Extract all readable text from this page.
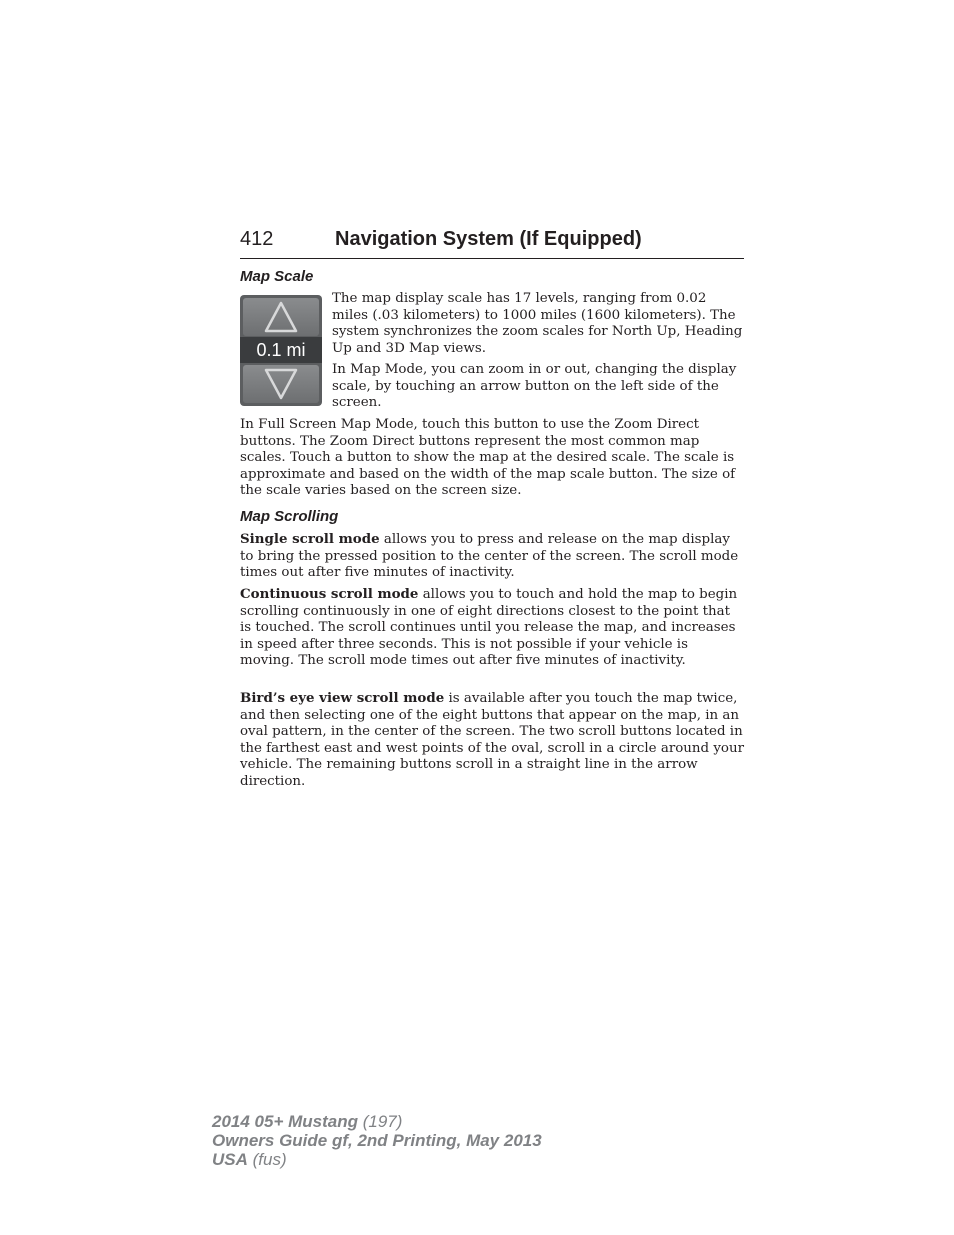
412	Navigation System (If Equipped)
Map Scale
0.1 mi

The map display scale has 17 levels, ranging from 0.02 miles (.03 kilometers) to 1000 miles (1600 kilometers). The system synchronizes the zoom scales for North Up, Heading Up and 3D Map views.

In Map Mode, you can zoom in or out, changing the display scale, by touching an arrow button on the left side of the screen.

In Full Screen Map Mode, touch this button to use the Zoom Direct buttons. The Zoom Direct buttons represent the most common map scales. Touch a button to show the map at the desired scale. The scale is approximate and based on the width of the map scale button. The size of the scale varies based on the screen size.

Map Scrolling

Single scroll mode allows you to press and release on the map display to bring the pressed position to the center of the screen. The scroll mode times out after five minutes of inactivity.

Continuous scroll mode allows you to touch and hold the map to begin scrolling continuously in one of eight directions closest to the point that is touched. The scroll continues until you release the map, and increases in speed after three seconds. This is not possible if your vehicle is moving. The scroll mode times out after five minutes of inactivity.

Bird’s eye view scroll mode is available after you touch the map twice, and then selecting one of the eight buttons that appear on the map, in an oval pattern, in the center of the screen. The two scroll buttons located in the farthest east and west points of the oval, scroll in a circle around your vehicle. The remaining buttons scroll in a straight line in the arrow direction.

2014 05+ Mustang (197)
Owners Guide gf, 2nd Printing, May 2013
USA (fus)
